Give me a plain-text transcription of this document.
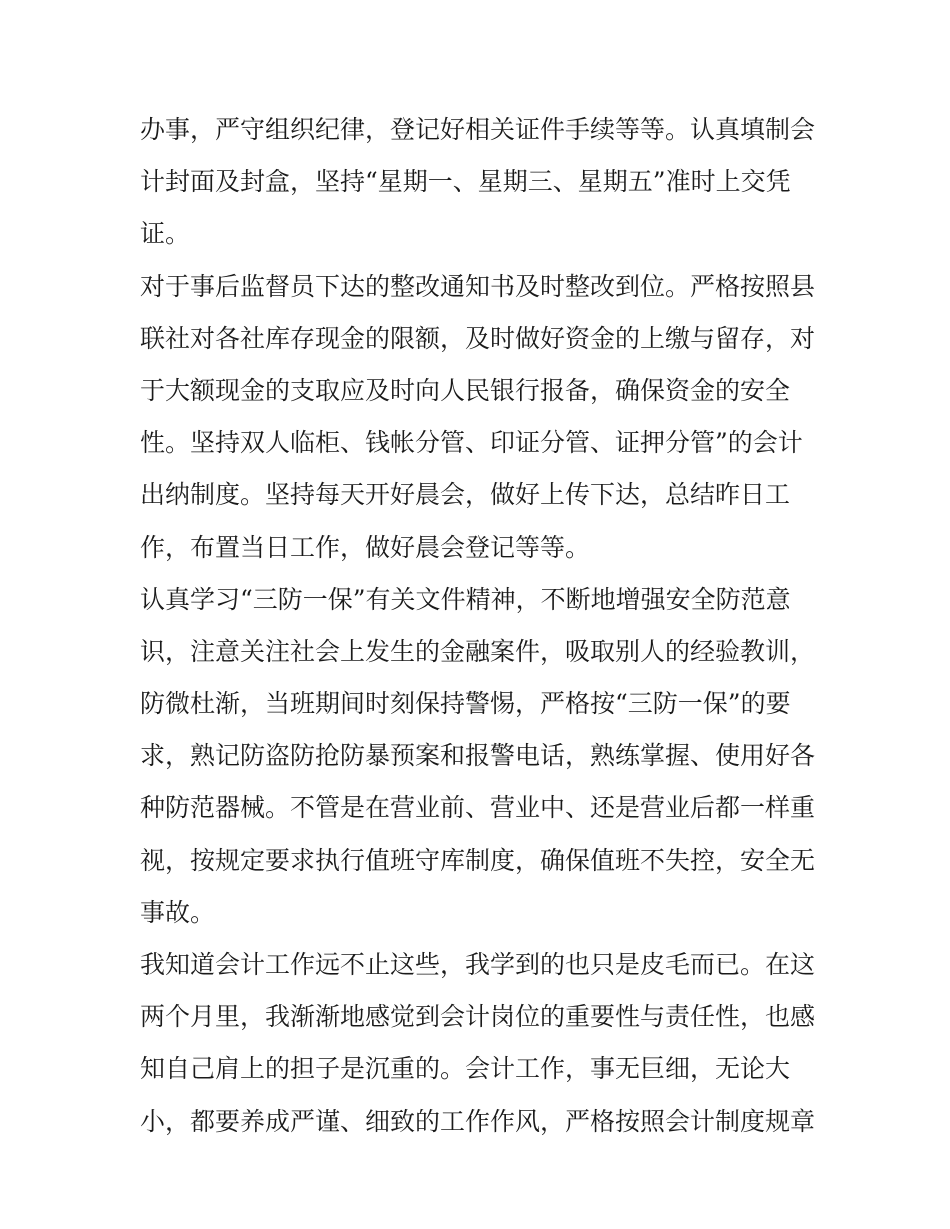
办事，严守组织纪律，登记好相关证件手续等等。认真填制会
计封面及封盒，坚持“星期一、星期三、星期五”准时上交凭
证。
对于事后监督员下达的整改通知书及时整改到位。严格按照县
联社对各社库存现金的限额，及时做好资金的上缴与留存，对
于大额现金的支取应及时向人民银行报备，确保资金的安全
性。坚持双人临柜、钱帐分管、印证分管、证押分管”的会计
出纳制度。坚持每天开好晨会，做好上传下达，总结昨日工
作，布置当日工作，做好晨会登记等等。
认真学习“三防一保”有关文件精神，不断地增强安全防范意
识，注意关注社会上发生的金融案件，吸取别人的经验教训，
防微杜渐，当班期间时刻保持警惕，严格按“三防一保”的要
求，熟记防盗防抢防暴预案和报警电话，熟练掌握、使用好各
种防范器械。不管是在营业前、营业中、还是营业后都一样重
视，按规定要求执行值班守库制度，确保值班不失控，安全无
事故。
我知道会计工作远不止这些，我学到的也只是皮毛而已。在这
两个月里，我渐渐地感觉到会计岗位的重要性与责任性，也感
知自己肩上的担子是沉重的。会计工作，事无巨细，无论大
小，都要养成严谨、细致的工作作风，严格按照会计制度规章
